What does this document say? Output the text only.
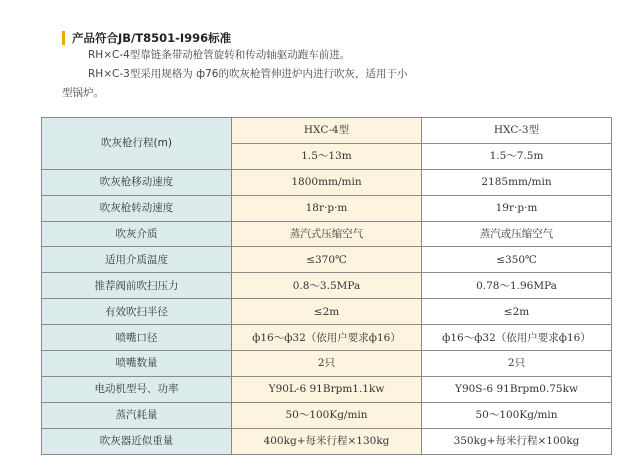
产品符合JB/T8501-I996标准
RH×C-4型靠链条带动枪管旋转和传动轴驱动跑车前进。
RH×C-3型采用规格为 ф76的吹灰枪管伸进炉内进行吹灰，适用于小型锅炉。
吹灰枪行程(m)	HXC-4型	HXC-3型
	1.5～13m	1.5～7.5m
吹灰枪移动速度	1800mm/min	2185mm/min
吹灰枪转动速度	18r·p·m	19r·p·m
吹灰介质	蒸汽式压缩空气	蒸汽或压缩空气
适用介质温度	≤370℃	≤350℃
推荐阀前吹扫压力	0.8～3.5MPa	0.78～1.96MPa
有效吹扫半径	≤2m	≤2m
喷嘴口径	ф16～ф32（依用户要求ф16）	ф16～ф32（依用户要求ф16）
喷嘴数量	2只	2只
电动机型号、功率	Y90L-6 91Brpm1.1kw	Y90S-6 91Brpm0.75kw
蒸汽耗量	50～100Kg/min	50～100Kg/min
吹灰器近似重量	400kg+每米行程×130kg	350kg+每米行程×100kg
